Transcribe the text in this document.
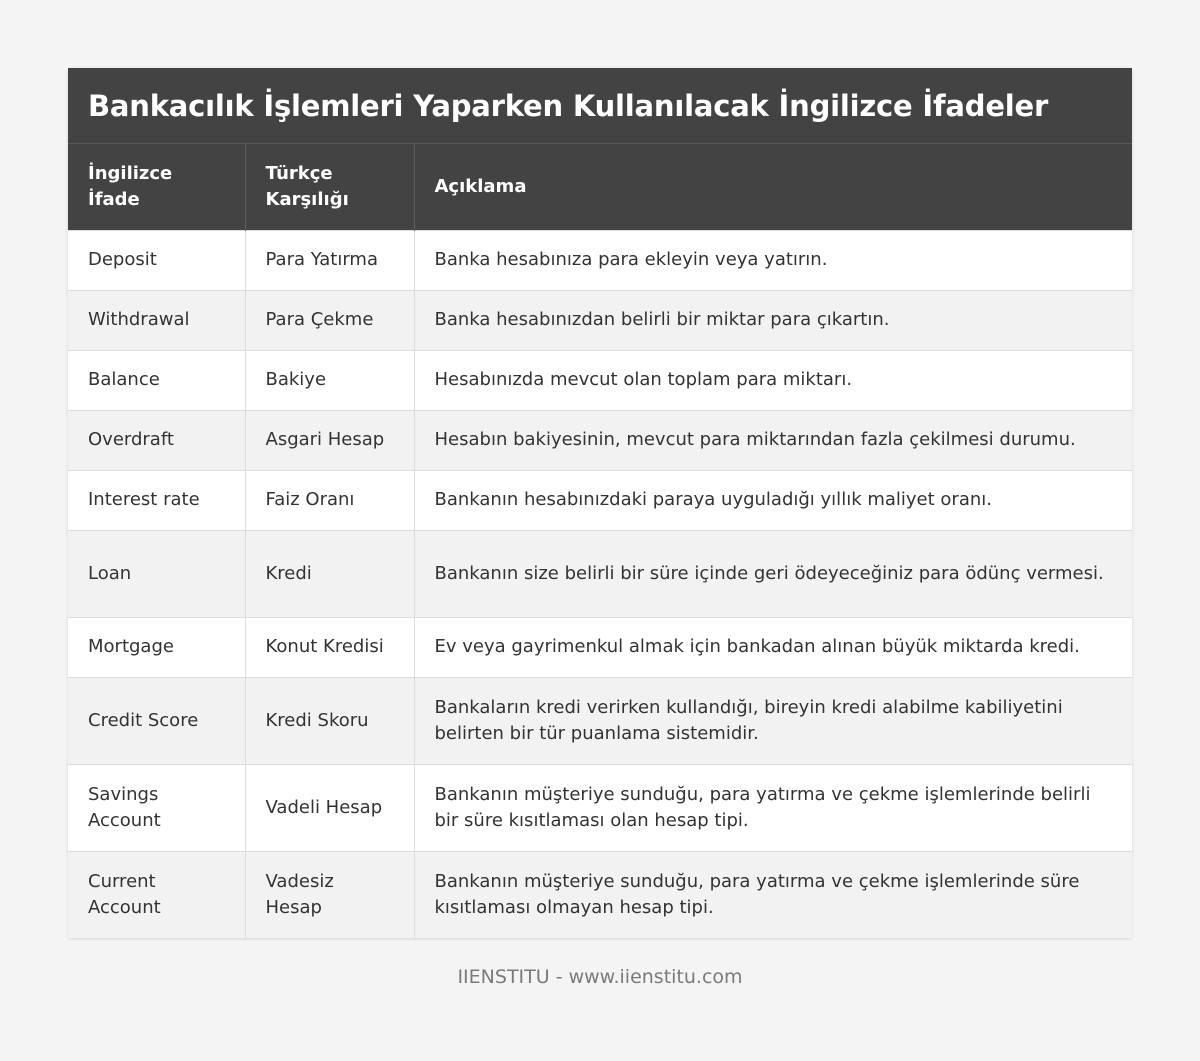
Bankacılık İşlemleri Yaparken Kullanılacak İngilizce İfadeler
İngilizce İfade	Türkçe Karşılığı	Açıklama
Deposit	Para Yatırma	Banka hesabınıza para ekleyin veya yatırın.
Withdrawal	Para Çekme	Banka hesabınızdan belirli bir miktar para çıkartın.
Balance	Bakiye	Hesabınızda mevcut olan toplam para miktarı.
Overdraft	Asgari Hesap	Hesabın bakiyesinin, mevcut para miktarından fazla çekilmesi durumu.
Interest rate	Faiz Oranı	Bankanın hesabınızdaki paraya uyguladığı yıllık maliyet oranı.
Loan	Kredi	Bankanın size belirli bir süre içinde geri ödeyeceğiniz para ödünç vermesi.
Mortgage	Konut Kredisi	Ev veya gayrimenkul almak için bankadan alınan büyük miktarda kredi.
Credit Score	Kredi Skoru	Bankaların kredi verirken kullandığı, bireyin kredi alabilme kabiliyetini belirten bir tür puanlama sistemidir.
Savings Account	Vadeli Hesap	Bankanın müşteriye sunduğu, para yatırma ve çekme işlemlerinde belirli bir süre kısıtlaması olan hesap tipi.
Current Account	Vadesiz Hesap	Bankanın müşteriye sunduğu, para yatırma ve çekme işlemlerinde süre kısıtlaması olmayan hesap tipi.
IIENSTITU - www.iienstitu.com
